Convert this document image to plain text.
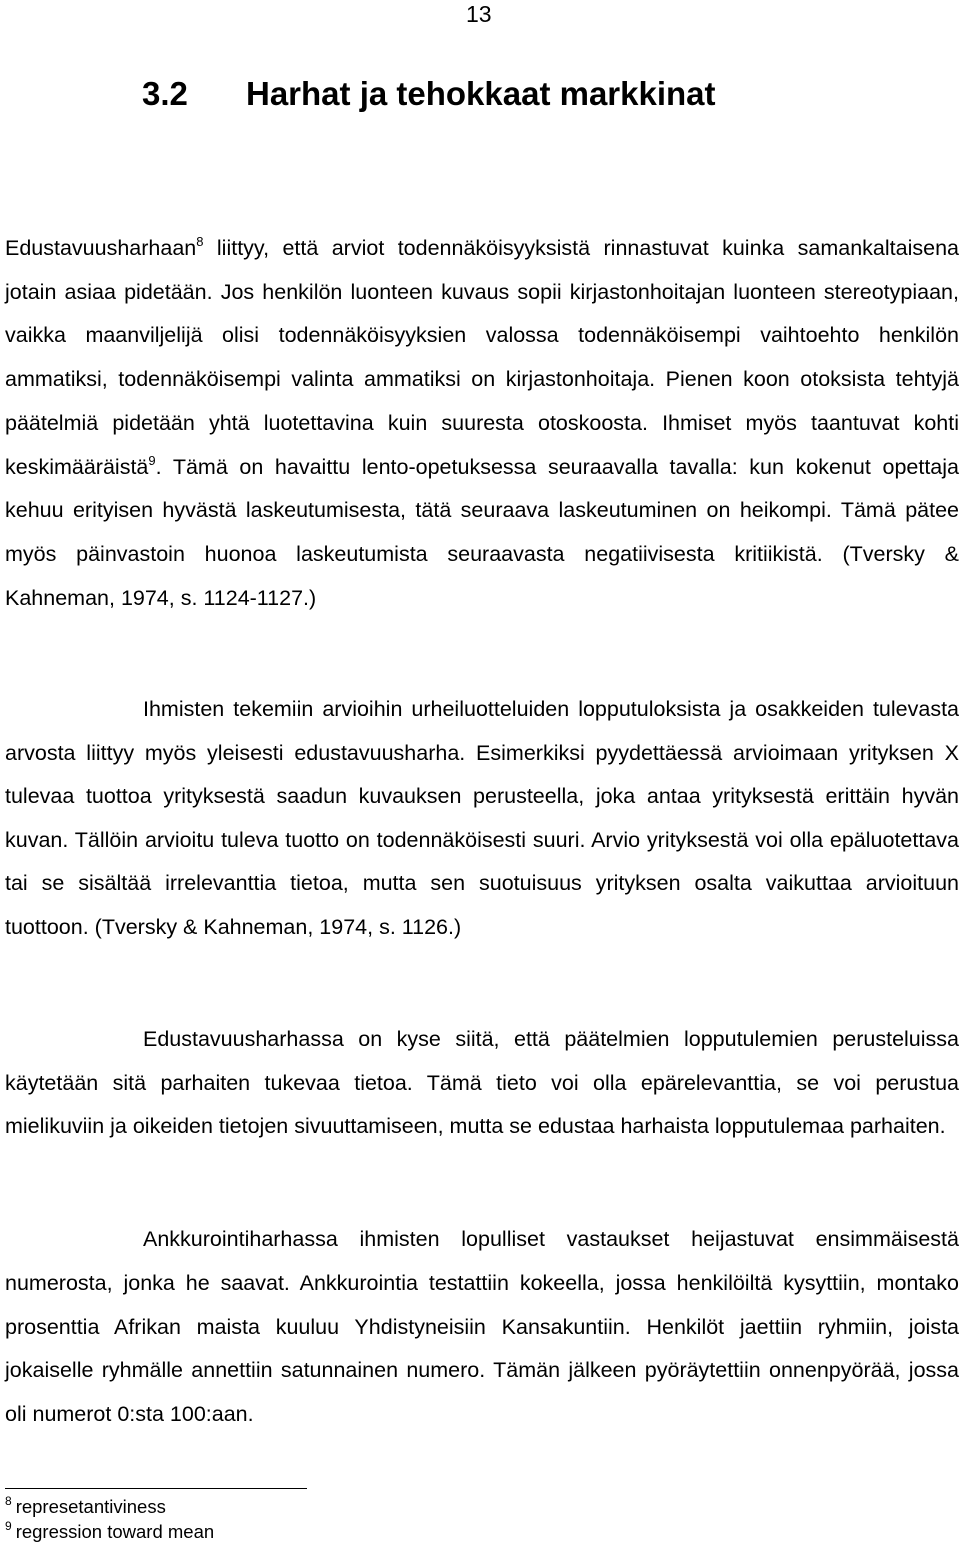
13
3.2 Harhat ja tehokkaat markkinat

Edustavuusharhaan$^8$ liittyy, että arviot todennäköisyyksistä rinnastuvat kuinka samankaltaisena jotain asiaa pidetään. Jos henkilön luonteen kuvaus sopii kirjastonhoitajan luonteen stereotypiaan, vaikka maanviljelijä olisi todennäköisyyksien valossa todennäköisempi vaihtoehto henkilön ammatiksi, todennäköisempi valinta ammatiksi on kirjastonhoitaja. Pienen koon otoksista tehtyjä päätelmiä pidetään yhtä luotettavina kuin suuresta otoskoosta. Ihmiset myös taantuvat kohti keskimääräistä$^9$. Tämä on havaittu lento-opetuksessa seuraavalla tavalla: kun kokenut opettaja kehuu erityisen hyvästä laskeutumisesta, tätä seuraava laskeutuminen on heikompi. Tämä pätee myös päinvastoin huonoa laskeutumista seuraavasta negatiivisesta kritiikistä. (Tversky & Kahneman, 1974, s. 1124-1127.)

Ihmisten tekemiin arvioihin urheiluotteluiden lopputuloksista ja osakkeiden tulevasta arvosta liittyy myös yleisesti edustavuusharha. Esimerkiksi pyydettäessä arvioimaan yrityksen X tulevaa tuottoa yrityksestä saadun kuvauksen perusteella, joka antaa yrityksestä erittäin hyvän kuvan. Tällöin arvioitu tuleva tuotto on todennäköisesti suuri. Arvio yrityksestä voi olla epäluotettava tai se sisältää irrelevanttia tietoa, mutta sen suotuisuus yrityksen osalta vaikuttaa arvioituun tuottoon. (Tversky & Kahneman, 1974, s. 1126.)

Edustavuusharhassa on kyse siitä, että päätelmien lopputulemien perusteluissa käytetään sitä parhaiten tukevaa tietoa. Tämä tieto voi olla epärelevanttia, se voi perustua mielikuviin ja oikeiden tietojen sivuuttamiseen, mutta se edustaa harhaista lopputulemaa parhaiten.

Ankkurointiharhassa ihmisten lopulliset vastaukset heijastuvat ensimmäisestä numerosta, jonka he saavat. Ankkurointia testattiin kokeella, jossa henkilöiltä kysyttiin, montako prosenttia Afrikan maista kuuluu Yhdistyneisiin Kansakuntiin. Henkilöt jaettiin ryhmiin, joista jokaiselle ryhmälle annettiin satunnainen numero. Tämän jälkeen pyöräytettiin onnenpyörää, jossa oli numerot 0:sta 100:aan.

$^8$ represetantiviness

$^9$ regression toward mean
